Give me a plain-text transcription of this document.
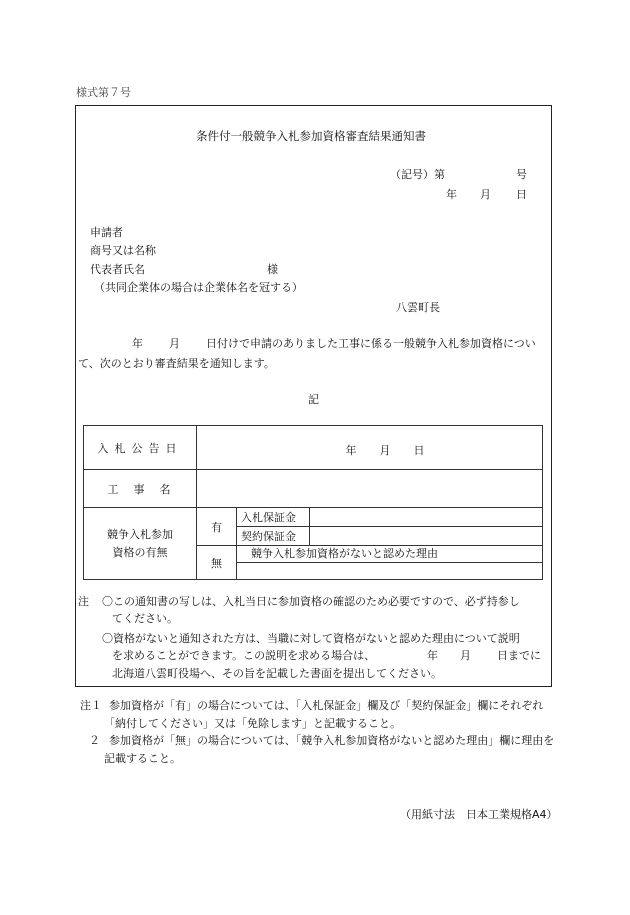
様式第７号
条件付一般競争入札参加資格審査結果通知書
（記号）第	号
年 月 日
申請者
商号又は名称
代表者氏名	様
（共同企業体の場合は企業体名を冠する）
八雲町長
年 月 日付けで申請のありました工事に係る一般競争入札参加資格につい
て、次のとおり審査結果を通知します。
記
入札公告日	年 月 日		

工　事　名			

競争入札参加
資格の有無	有	入札保証金	
		契約保証金	
	無	競争入札参加資格がないと認めた理由	
注 〇この通知書の写しは、入札当日に参加資格の確認のため必要ですので、必ず持参し
てください。
〇資格がないと通知された方は、当職に対して資格がないと認めた理由について説明
を求めることができます。この説明を求める場合は、	年 月 日までに
北海道八雲町役場へ、その旨を記載した書面を提出してください。
注１ 参加資格が「有」の場合については、「入札保証金」欄及び「契約保証金」欄にそれぞれ
「納付してください」又は「免除します」と記載すること。
２ 参加資格が「無」の場合については、「競争入札参加資格がないと認めた理由」欄に理由を
記載すること。
（用紙寸法　日本工業規格A4）
